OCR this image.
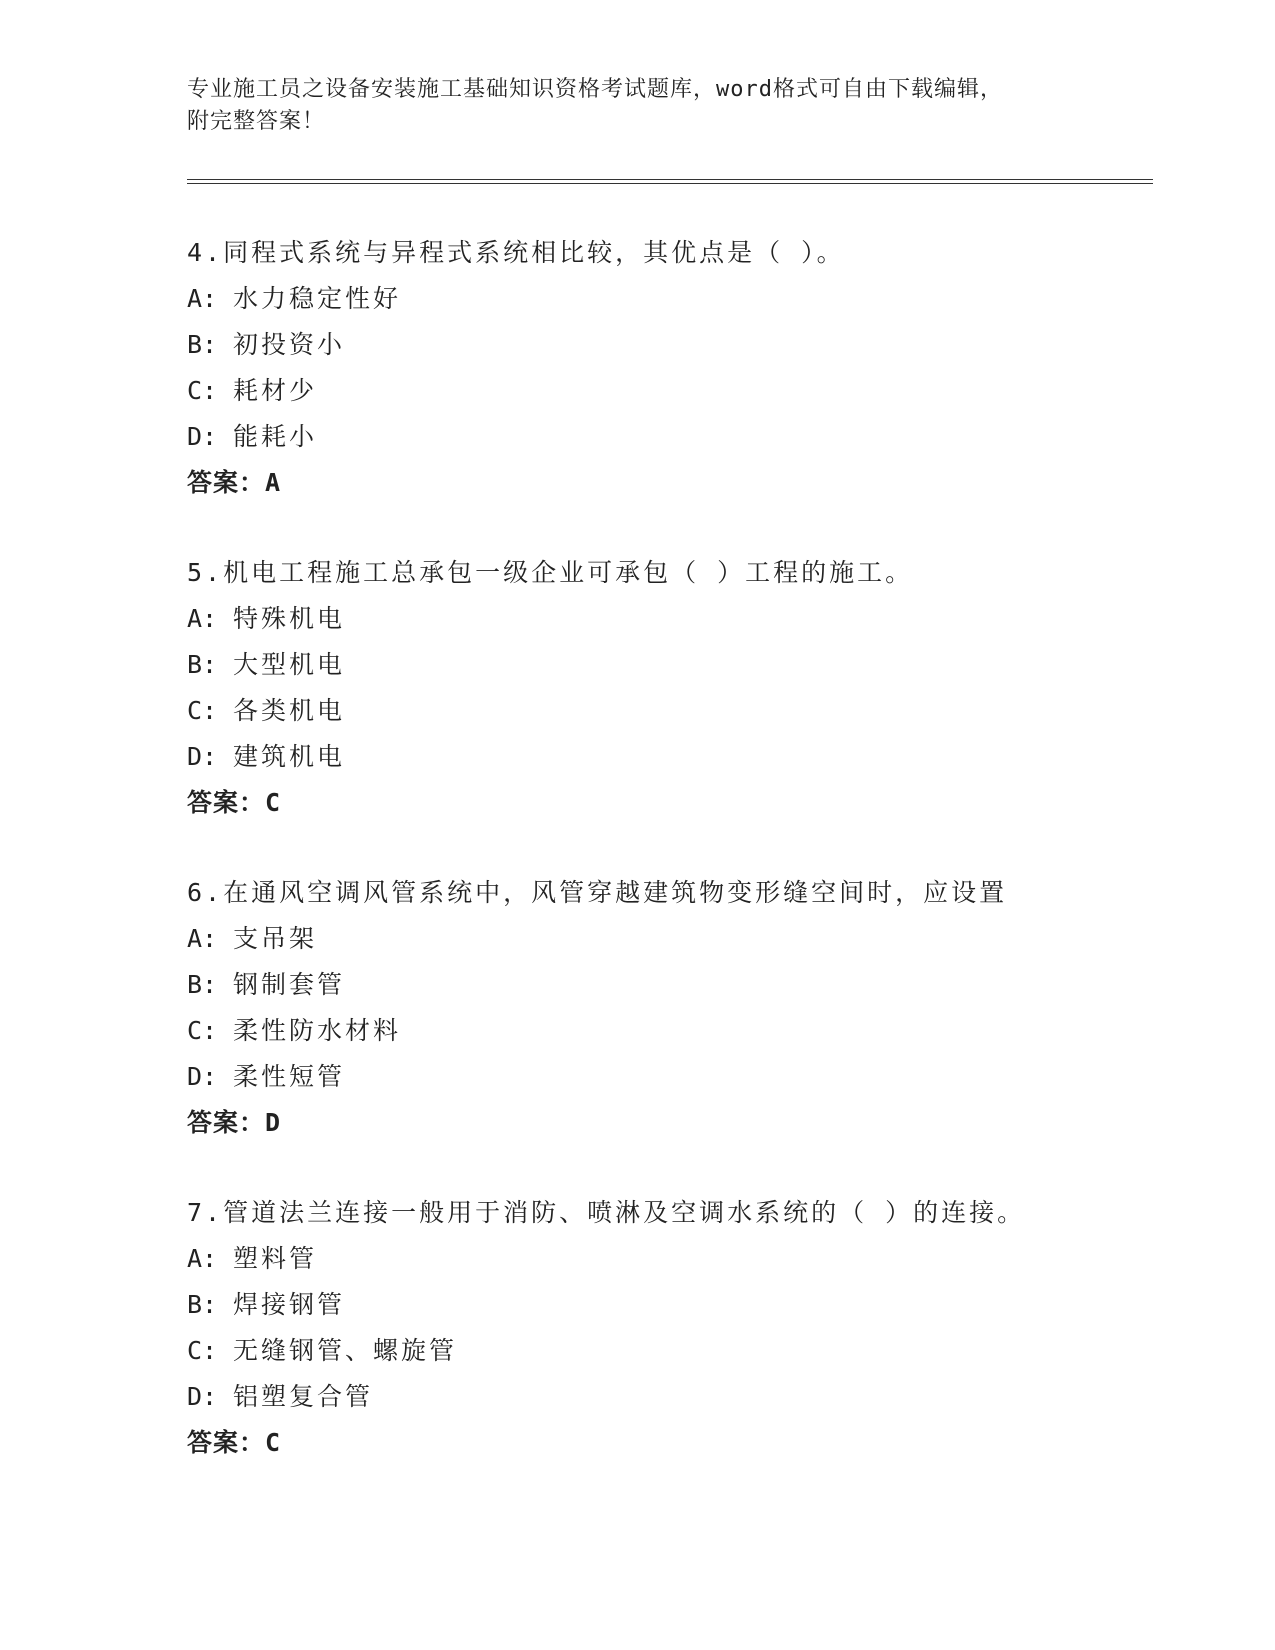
专业施工员之设备安装施工基础知识资格考试题库，word格式可自由下载编辑，
附完整答案！
4.同程式系统与异程式系统相比较，其优点是（ ）。
A: 水力稳定性好
B: 初投资小
C: 耗材少
D: 能耗小
答案：A
5.机电工程施工总承包一级企业可承包（ ）工程的施工。
A: 特殊机电
B: 大型机电
C: 各类机电
D: 建筑机电
答案：C
6.在通风空调风管系统中，风管穿越建筑物变形缝空间时，应设置
A: 支吊架
B: 钢制套管
C: 柔性防水材料
D: 柔性短管
答案：D
7.管道法兰连接一般用于消防、喷淋及空调水系统的（ ）的连接。
A: 塑料管
B: 焊接钢管
C: 无缝钢管、螺旋管
D: 铝塑复合管
答案：C
